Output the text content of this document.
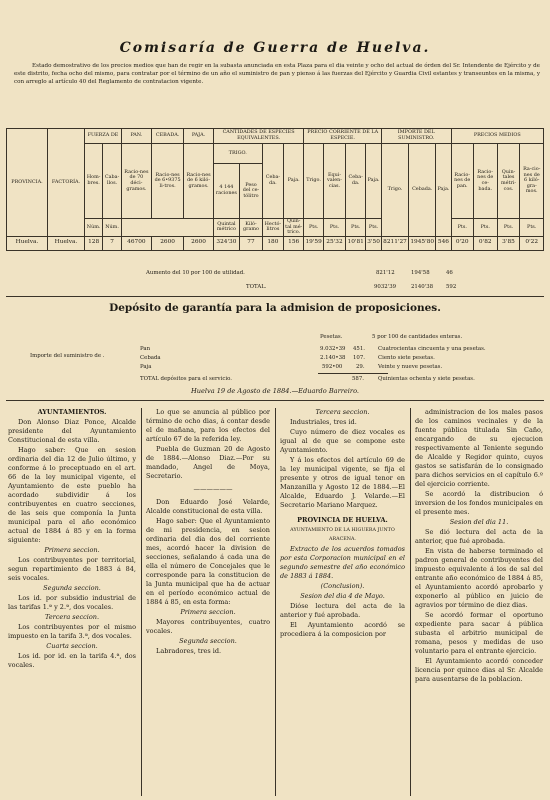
Comisaría de Guerra de Huelva.
Estado demostrativo de los precios medios que han de regir en la subasta anunciada en esta Plaza para el dia veinte y ocho del actual de órden del Sr. Intendente de Ejército y de este distrito, fecha ocho del mismo, para contratar por el término de un año el suministro de pan y pienso á las fuerzas del Ejército y Guardia Civil estantes y transeuntes en la misma, y con arreglo al artículo 40 del Reglamento de contratacion vigente.
PROVINCIA.	FACTORÍA.	FUERZA DE		PAN.	CEBADA.	PAJA.	CANTIDADES DE ESPECIES EQUIVALENTES.				PRECIO CORRIENTE DE LA ESPECIE.				IMPORTE DEL SUMINISTRO.			PRECIOS MEDIOS			
		Hom-bres.	Caba-llos.	Racio-nes de 70 déci-gramos.	Racio-nes de 6•9375 li-tros.	Racio-nes de 6 kiló-gramos.	TRIGO.		Ceba-da.	Paja.	Trigo.	Equi-valen-cias.	Ceba-da.	Paja.	Trigo.	Cebada.	Paja.	Racio-nes de pan.	Racio-nes de ce-bada.	Quin-tales métri-cos.	Ra-cio-nes de 6 kiló-gra-mos.
							4 144 raciones	Peso del ce-tólitro													
		Núm.	Núm.				Quintal métrico	Kiló-gramo	Hectó-litros	Quin-tal mé-trico.	Pts.	Pts.	Pts.	Pts.				Pts.	Pts.	Pts.	Pts.
Huelva.	Huelva.	128	7	46700	2600	2600	324'30	77	180	156	19'59	25'32	10'81	3'50	8211'27	1945'80	546	0'20	0'82	3'85	0'22
Aumento del 10 por 100 de utilidad.	821'12	194'58	46
TOTAL.	9032'39	2140'38 592
Depósito de garantía para la admision de proposiciones.
Pesetas.	5 por 100 de cantidades enteras.
Importe del suministro de .
Pan	9.032•39 451. Cuatrocientas cincuenta y una pesetas.
Cebada	2.140•38 107. Ciento siete pesetas.
Paja	592•00	29. Veinte y nueve pesetas.
TOTAL depósitos para el servicio.	587.	Quinientas ochenta y siete pesetas.
Huelva 19 de Agosto de 1884.—Eduardo Barreiro.

AYUNTAMIENTOS.

Don Alonso Diaz Ponce, Alcalde presidente del Ayuntamiento Constitucional de esta villa.

Hago saber: Que en sesion ordinaria del dia 12 de Julio último, y conforme á lo preceptuado en el art. 66 de la ley municipal vigente, el Ayuntamiento de este pueblo ha acordado subdividir á los contribuyentes en cuatro secciones, de las seis que componía la Junta municipal para el año económico actual de 1884 á 85 y en la forma siguiente:

Primera seccion.

Los contribuyentes por territorial, segun repartimiento de 1883 á 84, seis vocales.

Segunda seccion.

Los id. por subsidio industrial de las tarifas 1.ª y 2.ª, dos vocales.

Tercera seccion.

Los contribuyentes por el mismo impuesto en la tarifa 3.ª, dos vocales.

Cuarta seccion.

Los id. por id. en la tarifa 4.ª, dos vocales.

Lo que se anuncia al público por término de ocho dias, á contar desde el de mañana, para los efectos del artículo 67 de la referida ley.

Puebla de Guzman 20 de Agosto de 1884.—Alonso Diaz.—Por su mandado, Angel de Moya, Secretario.

——————

Don Eduardo José Velarde, Alcalde constitucional de esta villa.

Hago saber: Que el Ayuntamiento de mi presidencia, en sesion ordinaria del dia dos del corriente mes, acordó hacer la division de secciones, señalando á cada una de ella el número de Concejales que le corresponde para la constitucion de la Junta municipal que ha de actuar en el período económico actual de 1884 á 85, en esta forma:

Primera seccion.

Mayores contribuyentes, cuatro vocales.

Segunda seccion.

Labradores, tres id.

Tercera seccion.

Industriales, tres id.

Cuyo número de diez vocales es igual al de que se compone este Ayuntamiento.

Y á los efectos del artículo 69 de la ley municipal vigente, se fija el presente y otros de igual tenor en Manzanilla y Agosto 12 de 1884.—El Alcalde, Eduardo J. Velarde.—El Secretario Mariano Marquez.

PROVINCIA DE HUELVA.

AYUNTAMIENTO DE LA HIGUERA JUNTO ARACENA.

Extracto de los acuerdos tomados por esta Corporacion municipal en el segundo semestre del año económico de 1883 á 1884.

(Conclusion).

Sesion del dia 4 de Mayo.

Dióse lectura del acta de la anterior y fué aprobada.

El Ayuntamiento acordó se procediera á la composicion por

administracion de los males pasos de los caminos vecinales y de la fuente pública titulada Sin Caño, encargando de su ejecucion respectivamente al Teniente segundo de Alcalde y Regidor quinto, cuyos gastos se satisfarán de lo consignado para dichos servicios en el capítulo 6.º del ejercicio corriente.

Se acordó la distribucion ó inversion de los fondos municipales en el presente mes.

Sesion del dia 11.

Se dió lectura del acta de la anterior, que fué aprobada.

En vista de haberse terminado el padron general de contribuyentes del impuesto equivalente á los de sal del entrante año económico de 1884 á 85, el Ayuntamiento acordó aprobarlo y exponerlo al público en juicio de agravios por término de diez dias.

Se acordó formar el oportuno expediente para sacar á pública subasta el arbitrio municipal de romana, pesos y medidas de uso voluntario para el entrante ejercicio.

El Ayuntamiento acordó conceder licencia por quince dias al Sr. Alcalde para ausentarse de la poblacion.
